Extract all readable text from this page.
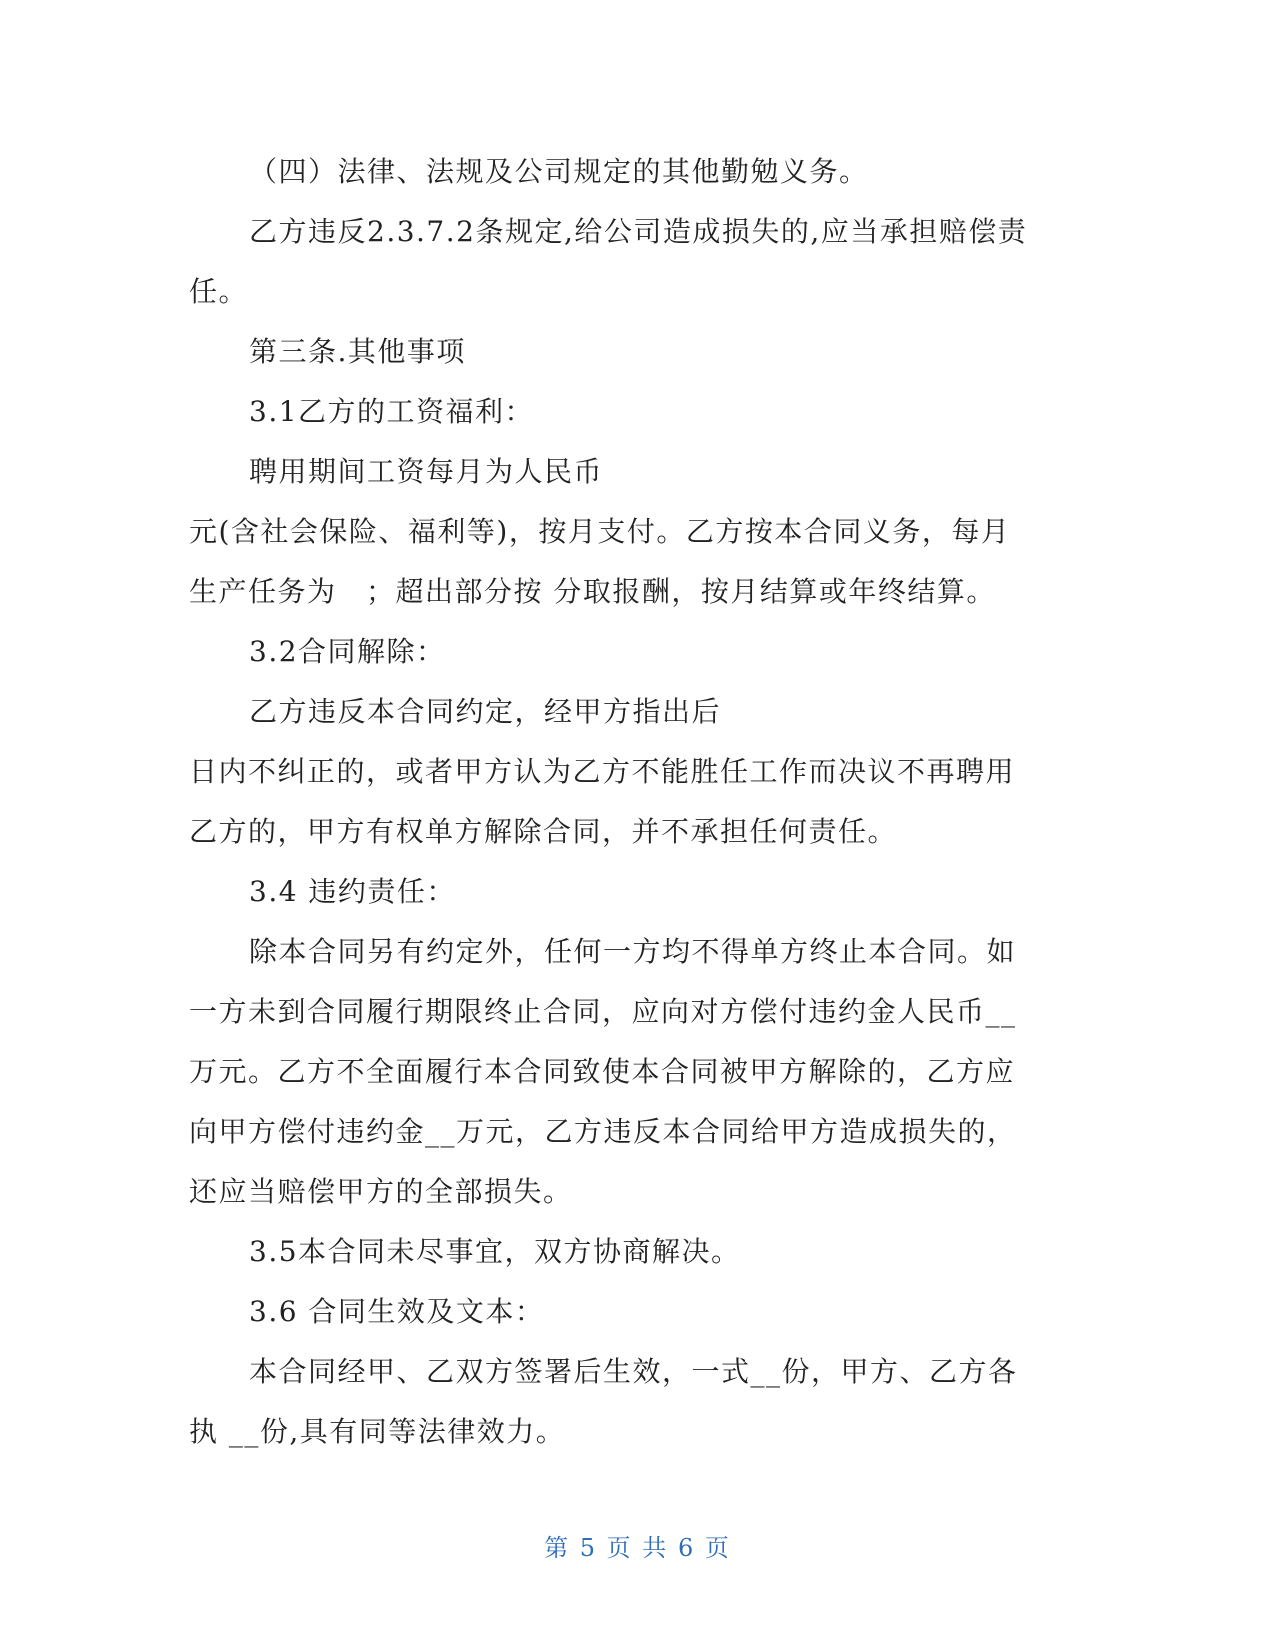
（四）法律、法规及公司规定的其他勤勉义务。

乙方违反2.3.7.2条规定,给公司造成损失的,应当承担赔偿责

任。

第三条.其他事项

3.1乙方的工资福利：

聘用期间工资每月为人民币

元(含社会保险、福利等)，按月支付。乙方按本合同义务，每月

生产任务为　；超出部分按 分取报酬，按月结算或年终结算。

3.2合同解除：

乙方违反本合同约定，经甲方指出后

日内不纠正的，或者甲方认为乙方不能胜任工作而决议不再聘用

乙方的，甲方有权单方解除合同，并不承担任何责任。

3.4 违约责任：

除本合同另有约定外，任何一方均不得单方终止本合同。如

一方未到合同履行期限终止合同，应向对方偿付违约金人民币__

万元。乙方不全面履行本合同致使本合同被甲方解除的，乙方应

向甲方偿付违约金__万元，乙方违反本合同给甲方造成损失的，

还应当赔偿甲方的全部损失。

3.5本合同未尽事宜，双方协商解决。

3.6 合同生效及文本：

本合同经甲、乙双方签署后生效，一式__份，甲方、乙方各

执 __份,具有同等法律效力。

第 5 页 共 6 页
